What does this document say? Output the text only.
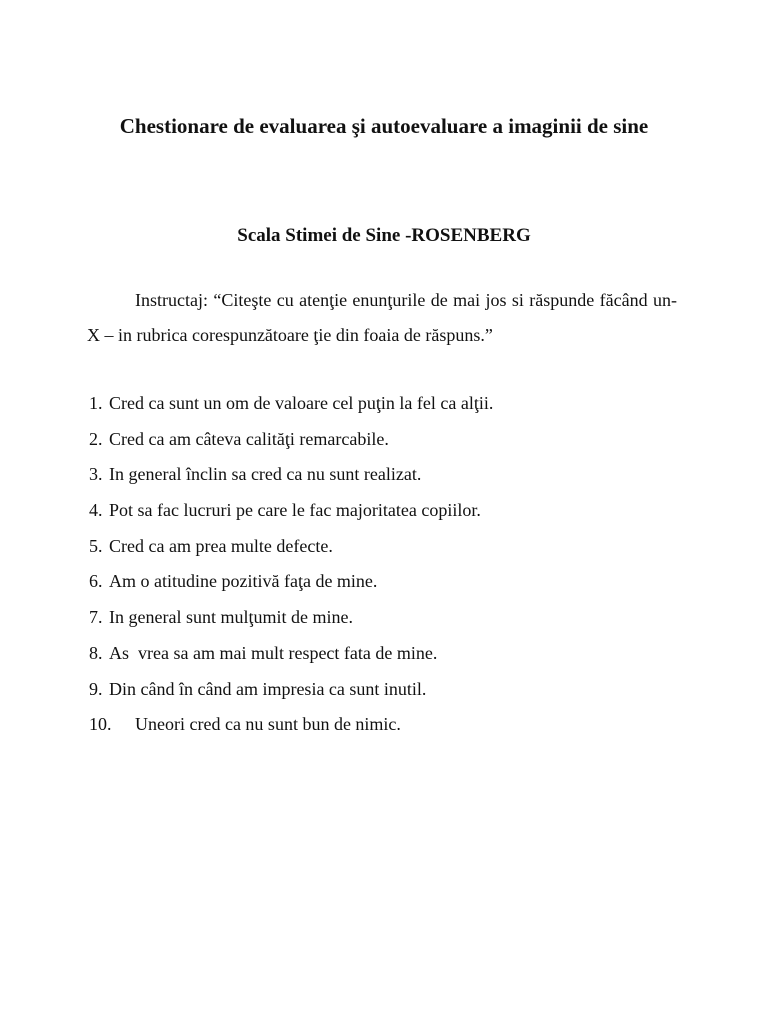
Chestionare de evaluarea şi autoevaluare a imaginii de sine
Scala Stimei de Sine -ROSENBERG

Instructaj: “Citeşte cu atenţie enunţurile de mai jos si răspunde făcând un- X – in rubrica corespunzătoare ţie din foaia de răspuns.”

1. Cred ca sunt un om de valoare cel puţin la fel ca alţii.
2. Cred ca am câteva calităţi remarcabile.
3. In general înclin sa cred ca nu sunt realizat.
4. Pot sa fac lucruri pe care le fac majoritatea copiilor.
5. Cred ca am prea multe defecte.
6. Am o atitudine pozitivă faţa de mine.
7. In general sunt mulţumit de mine.
8. As  vrea sa am mai mult respect fata de mine.
9. Din când în când am impresia ca sunt inutil.
10.	Uneori cred ca nu sunt bun de nimic.
